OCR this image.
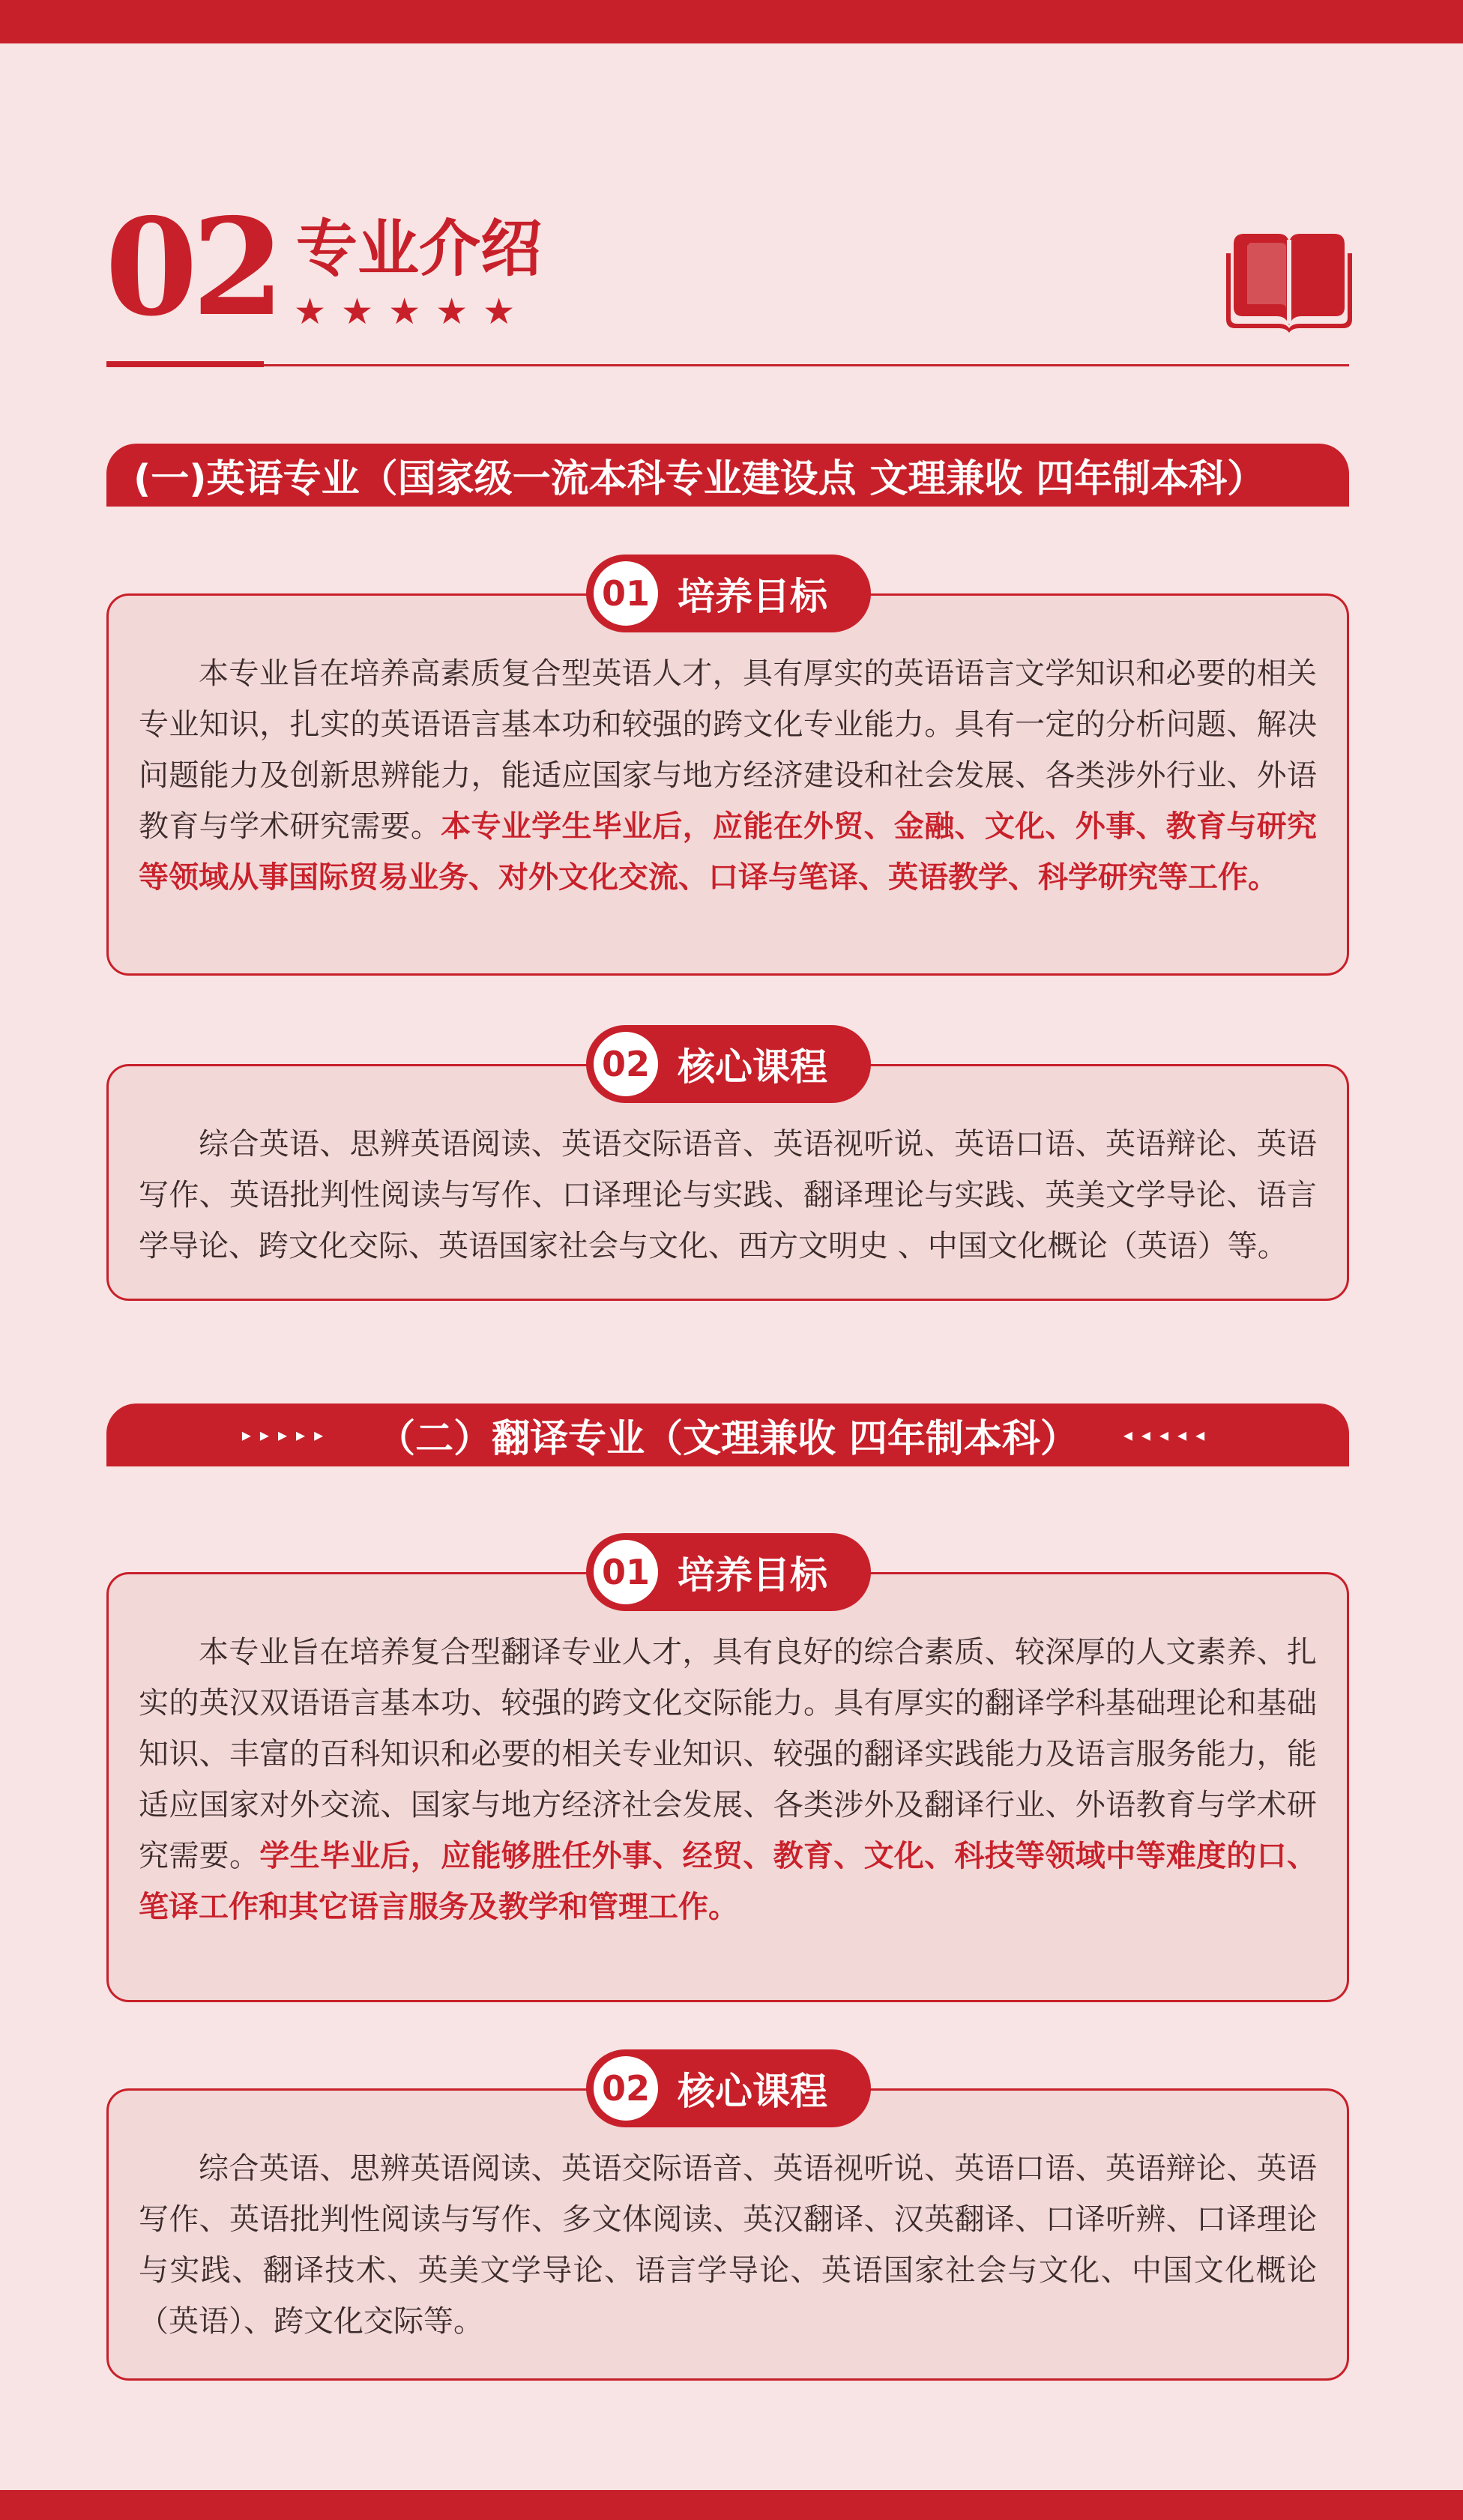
02 专业介绍
★★★★★
(一)英语专业（国家级一流本科专业建设点 文理兼收 四年制本科）

本专业旨在培养高素质复合型英语人才，具有厚实的英语语言文学知识和必要的相关专业知识，扎实的英语语言基本功和较强的跨文化专业能力。具有一定的分析问题、解决问题能力及创新思辨能力，能适应国家与地方经济建设和社会发展、各类涉外行业、外语教育与学术研究需要。本专业学生毕业后，应能在外贸、金融、文化、外事、教育与研究等领域从事国际贸易业务、对外文化交流、口译与笔译、英语教学、科学研究等工作。

01 培养目标

综合英语、思辨英语阅读、英语交际语音、英语视听说、英语口语、英语辩论、英语写作、英语批判性阅读与写作、口译理论与实践、翻译理论与实践、英美文学导论、语言学导论、跨文化交际、英语国家社会与文化、西方文明史 、中国文化概论（英语）等。

02 核心课程
▸▸▸▸▸ （二）翻译专业（文理兼收 四年制本科）	◂◂◂◂◂

本专业旨在培养复合型翻译专业人才，具有良好的综合素质、较深厚的人文素养、扎实的英汉双语语言基本功、较强的跨文化交际能力。具有厚实的翻译学科基础理论和基础知识、丰富的百科知识和必要的相关专业知识、较强的翻译实践能力及语言服务能力，能适应国家对外交流、国家与地方经济社会发展、各类涉外及翻译行业、外语教育与学术研究需要。学生毕业后，应能够胜任外事、经贸、教育、文化、科技等领域中等难度的口、笔译工作和其它语言服务及教学和管理工作。

01 培养目标

综合英语、思辨英语阅读、英语交际语音、英语视听说、英语口语、英语辩论、英语写作、英语批判性阅读与写作、多文体阅读、英汉翻译、汉英翻译、口译听辨、口译理论与实践、翻译技术、英美文学导论、语言学导论、英语国家社会与文化、中国文化概论（英语）、跨文化交际等。

02 核心课程
